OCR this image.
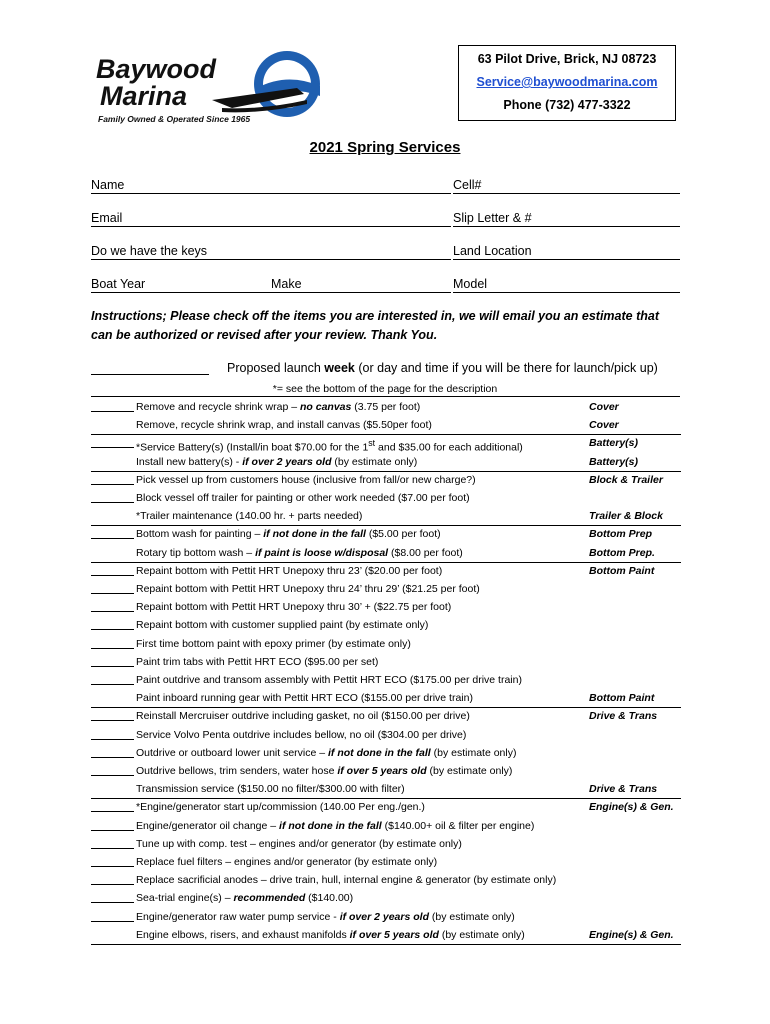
Baywood
Marina
Family Owned & Operated Since 1965
63 Pilot Drive, Brick, NJ 08723
Service@baywoodmarina.com
Phone (732) 477-3322
2021 Spring Services
Name	Cell#
Email	Slip Letter & #
Do we have the keys	Land Location
Boat Year	Make	Model
Instructions; Please check off the items you are interested in, we will email you an estimate that can be authorized or revised after your review. Thank You.
Proposed launch week (or day and time if you will be there for launch/pick up)
*= see the bottom of the page for the description
Remove and recycle shrink wrap – no canvas (3.75 per foot)	Cover
Remove, recycle shrink wrap, and install canvas ($5.50per foot)	Cover
*Service Battery(s) (Install/in boat $70.00 for the 1st and $35.00 for each additional)	Battery(s)
Install new battery(s) - if over 2 years old (by estimate only)	Battery(s)
Pick vessel up from customers house (inclusive from fall/or new charge?)	Block & Trailer
Block vessel off trailer for painting or other work needed ($7.00 per foot)
*Trailer maintenance (140.00 hr. + parts needed)	Trailer & Block
Bottom wash for painting – if not done in the fall ($5.00 per foot)	Bottom Prep
Rotary tip bottom wash – if paint is loose w/disposal ($8.00 per foot)	Bottom Prep.
Repaint bottom with Pettit HRT Unepoxy thru 23’ ($20.00 per foot)	Bottom Paint
Repaint bottom with Pettit HRT Unepoxy thru 24’ thru 29’ ($21.25 per foot)
Repaint bottom with Pettit HRT Unepoxy thru 30’ + ($22.75 per foot)
Repaint bottom with customer supplied paint (by estimate only)
First time bottom paint with epoxy primer (by estimate only)
Paint trim tabs with Pettit HRT ECO ($95.00 per set)
Paint outdrive and transom assembly with Pettit HRT ECO ($175.00 per drive train)
Paint inboard running gear with Pettit HRT ECO ($155.00 per drive train)	Bottom Paint
Reinstall Mercruiser outdrive including gasket, no oil ($150.00 per drive)	Drive & Trans
Service Volvo Penta outdrive includes bellow, no oil ($304.00 per drive)
Outdrive or outboard lower unit service – if not done in the fall (by estimate only)
Outdrive bellows, trim senders, water hose if over 5 years old (by estimate only)
Transmission service ($150.00 no filter/$300.00 with filter)	Drive & Trans
*Engine/generator start up/commission (140.00 Per eng./gen.)	Engine(s) & Gen.
Engine/generator oil change – if not done in the fall ($140.00+ oil & filter per engine)
Tune up with comp. test – engines and/or generator (by estimate only)
Replace fuel filters – engines and/or generator (by estimate only)
Replace sacrificial anodes – drive train, hull, internal engine & generator (by estimate only)
Sea-trial engine(s) – recommended ($140.00)
Engine/generator raw water pump service - if over 2 years old (by estimate only)
Engine elbows, risers, and exhaust manifolds if over 5 years old (by estimate only)	Engine(s) & Gen.
